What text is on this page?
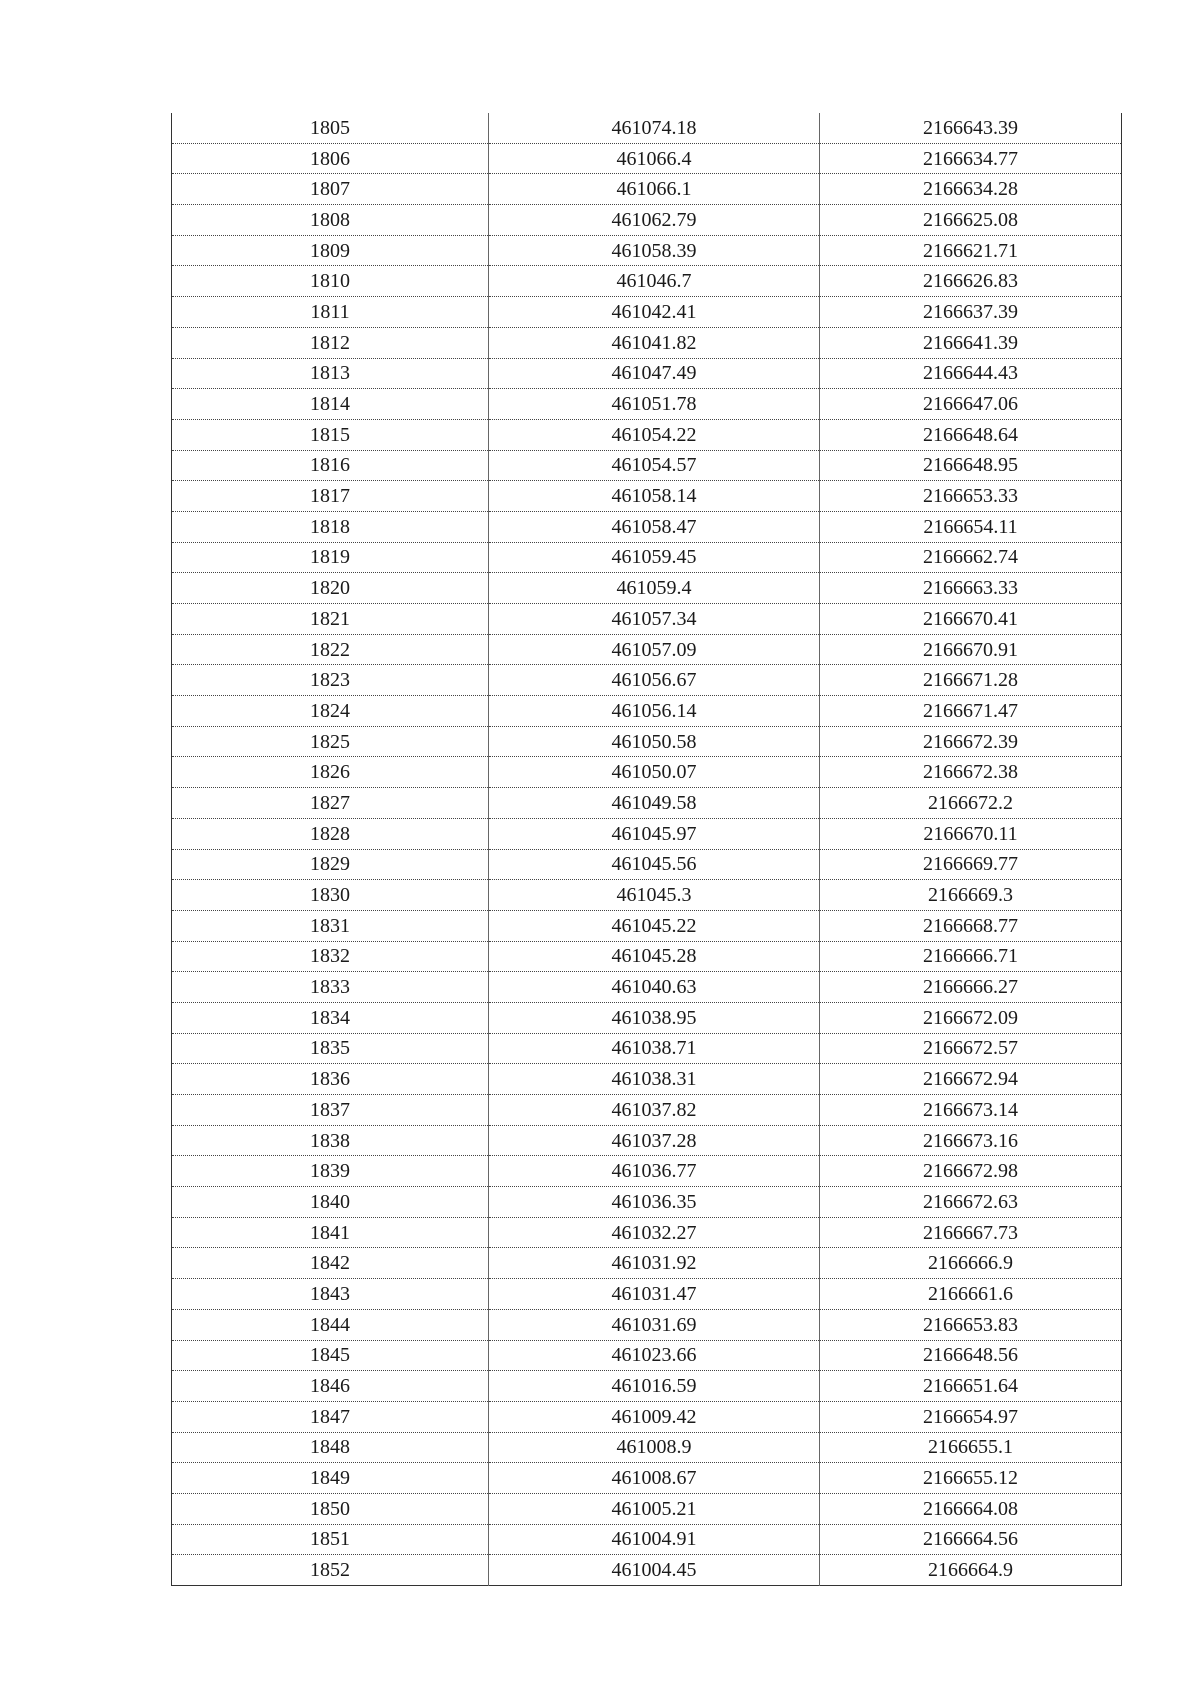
1805	461074.18	2166643.39
1806	461066.4	2166634.77
1807	461066.1	2166634.28
1808	461062.79	2166625.08
1809	461058.39	2166621.71
1810	461046.7	2166626.83
1811	461042.41	2166637.39
1812	461041.82	2166641.39
1813	461047.49	2166644.43
1814	461051.78	2166647.06
1815	461054.22	2166648.64
1816	461054.57	2166648.95
1817	461058.14	2166653.33
1818	461058.47	2166654.11
1819	461059.45	2166662.74
1820	461059.4	2166663.33
1821	461057.34	2166670.41
1822	461057.09	2166670.91
1823	461056.67	2166671.28
1824	461056.14	2166671.47
1825	461050.58	2166672.39
1826	461050.07	2166672.38
1827	461049.58	2166672.2
1828	461045.97	2166670.11
1829	461045.56	2166669.77
1830	461045.3	2166669.3
1831	461045.22	2166668.77
1832	461045.28	2166666.71
1833	461040.63	2166666.27
1834	461038.95	2166672.09
1835	461038.71	2166672.57
1836	461038.31	2166672.94
1837	461037.82	2166673.14
1838	461037.28	2166673.16
1839	461036.77	2166672.98
1840	461036.35	2166672.63
1841	461032.27	2166667.73
1842	461031.92	2166666.9
1843	461031.47	2166661.6
1844	461031.69	2166653.83
1845	461023.66	2166648.56
1846	461016.59	2166651.64
1847	461009.42	2166654.97
1848	461008.9	2166655.1
1849	461008.67	2166655.12
1850	461005.21	2166664.08
1851	461004.91	2166664.56
1852	461004.45	2166664.9
